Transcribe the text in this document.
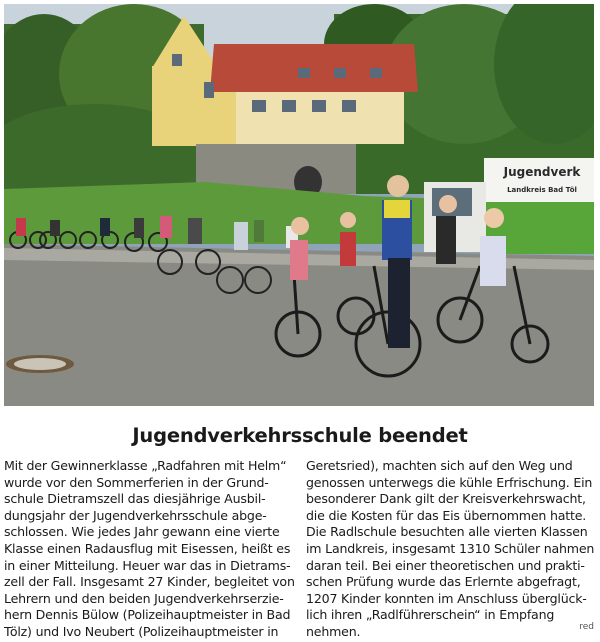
Jugendverk
Landkreis Bad Töl
Jugendverkehrsschule beendet
Mit der Gewinnerklasse „Radfahren mit Helm“
wurde vor den Sommerferien in der Grund-
schule Dietramszell das diesjährige Ausbil-
dungsjahr der Jugendverkehrsschule abge-
schlossen. Wie jedes Jahr gewann eine vierte
Klasse einen Radausflug mit Eisessen, heißt es
in einer Mitteilung. Heuer war das in Dietrams-
zell der Fall. Insgesamt 27 Kinder, begleitet von
Lehrern und den beiden Jugendverkehrserzie-
hern Dennis Bülow (Polizeihauptmeister in Bad
Tölz) und Ivo Neubert (Polizeihauptmeister in
Geretsried), machten sich auf den Weg und
genossen unterwegs die kühle Erfrischung. Ein
besonderer Dank gilt der Kreisverkehrswacht,
die die Kosten für das Eis übernommen hatte.
Die Radlschule besuchten alle vierten Klassen
im Landkreis, insgesamt 1310 Schüler nahmen
daran teil. Bei einer theoretischen und prakti-
schen Prüfung wurde das Erlernte abgefragt,
1207 Kinder konnten im Anschluss überglück-
lich ihren „Radlführerschein“ in Empfang
nehmen.	red
